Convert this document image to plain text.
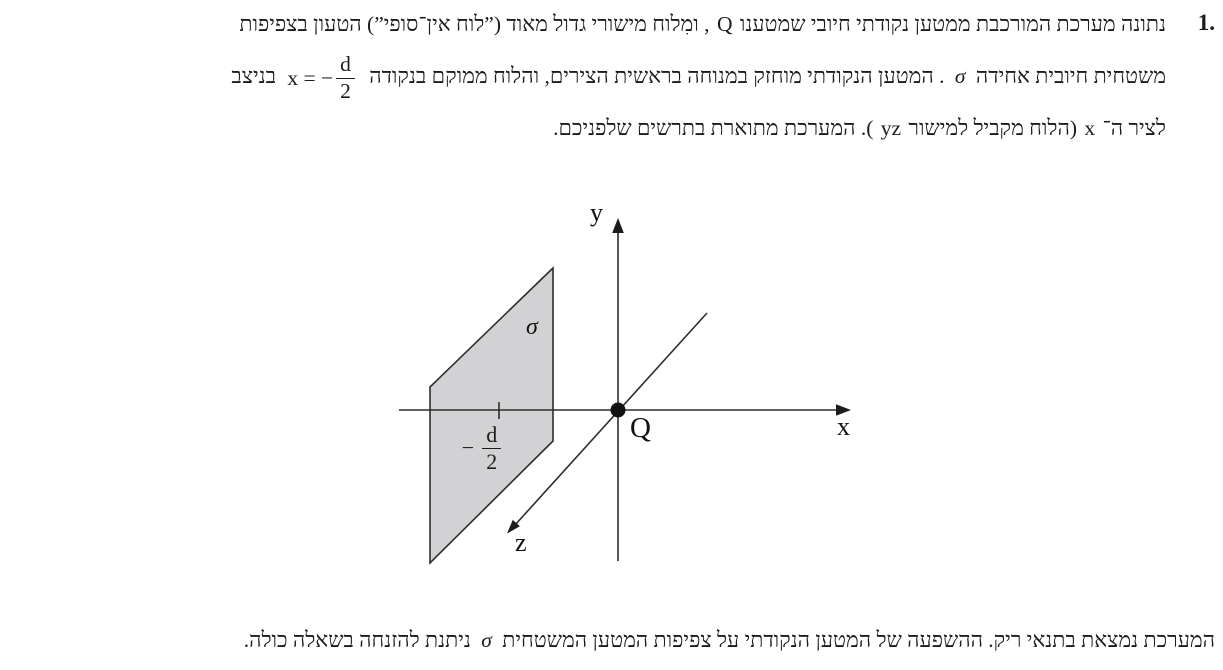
1.
נתונה מערכת המורכבת ממטען נקודתי חיובי שמטענו Q , ומִלוח מישורי גדול מאוד (”לוח אין־סופי”) הטעון בצפיפות
משטחית חיובית אחידה σ . המטען הנקודתי מוחזק במנוחה בראשית הצירים, והלוח ממוקם בנקודה
x = − $\frac{d}{2}$
בניצב
לציר ה־ x (הלוח מקביל למישור yz ). המערכת מתוארת בתרשים שלפניכם.
y
x
z
Q
σ
− $\frac{d}{2}$
המערכת נמצאת בתנאי ריק. ההשפעה של המטען הנקודתי על צפיפות המטען המשטחית σ ניתנת להזנחה בשאלה כולה.
